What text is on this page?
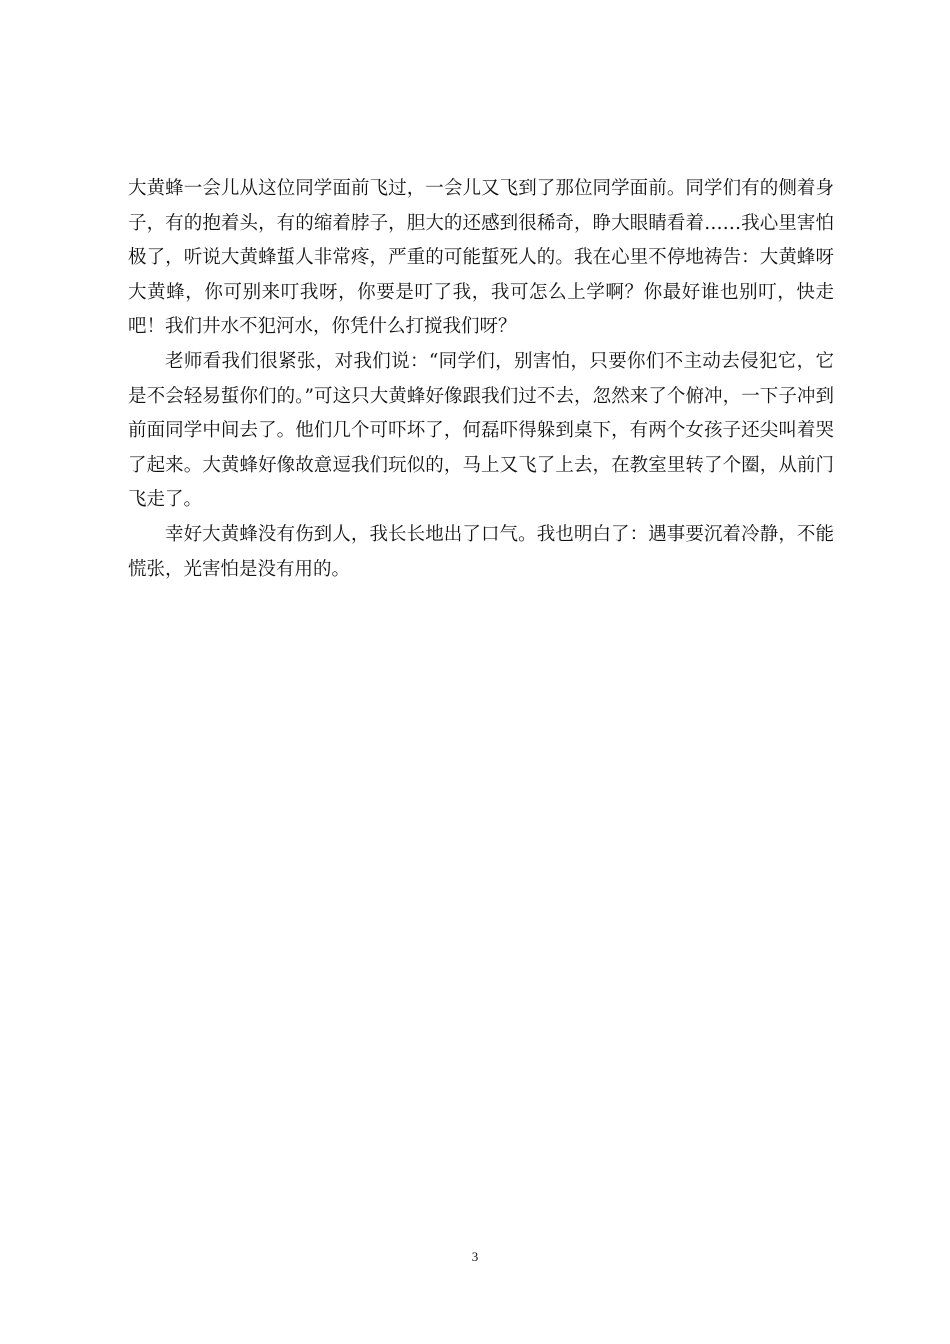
大黄蜂一会儿从这位同学面前飞过，一会儿又飞到了那位同学面前。同学们有的侧着身子，有的抱着头，有的缩着脖子，胆大的还感到很稀奇，睁大眼睛看着……我心里害怕极了，听说大黄蜂蜇人非常疼，严重的可能蜇死人的。我在心里不停地祷告：大黄蜂呀大黄蜂，你可别来叮我呀，你要是叮了我，我可怎么上学啊？你最好谁也别叮，快走吧！我们井水不犯河水，你凭什么打搅我们呀？

老师看我们很紧张，对我们说：“同学们，别害怕，只要你们不主动去侵犯它，它是不会轻易蜇你们的。”可这只大黄蜂好像跟我们过不去，忽然来了个俯冲，一下子冲到前面同学中间去了。他们几个可吓坏了，何磊吓得躲到桌下，有两个女孩子还尖叫着哭了起来。大黄蜂好像故意逗我们玩似的，马上又飞了上去，在教室里转了个圈，从前门飞走了。

幸好大黄蜂没有伤到人，我长长地出了口气。我也明白了：遇事要沉着冷静，不能慌张，光害怕是没有用的。

3
